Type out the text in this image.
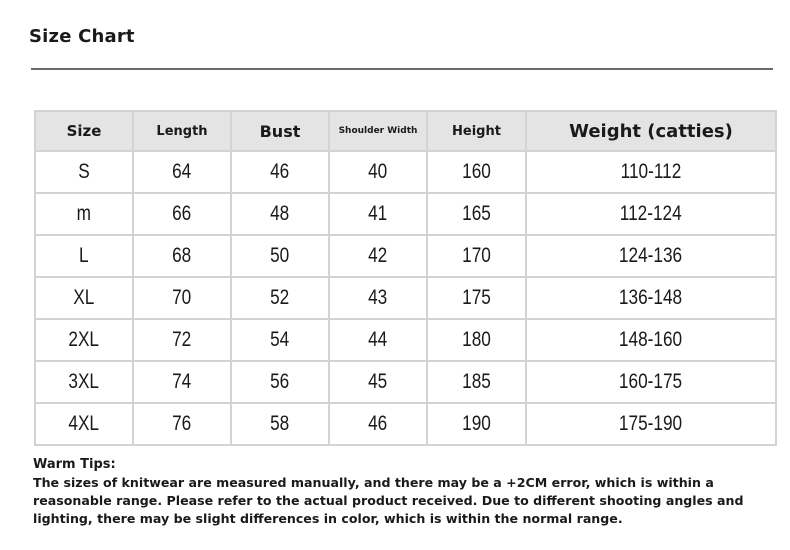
Size Chart
Size	Length	Bust	Shoulder Width	Height	Weight (catties)
S	64	46	40	160	110-112
m	66	48	41	165	112-124
L	68	50	42	170	124-136
XL	70	52	43	175	136-148
2XL	72	54	44	180	148-160
3XL	74	56	45	185	160-175
4XL	76	58	46	190	175-190
Warm Tips:
The sizes of knitwear are measured manually, and there may be a +2CM error, which is within a reasonable range. Please refer to the actual product received. Due to different shooting angles and lighting, there may be slight differences in color, which is within the normal range.
